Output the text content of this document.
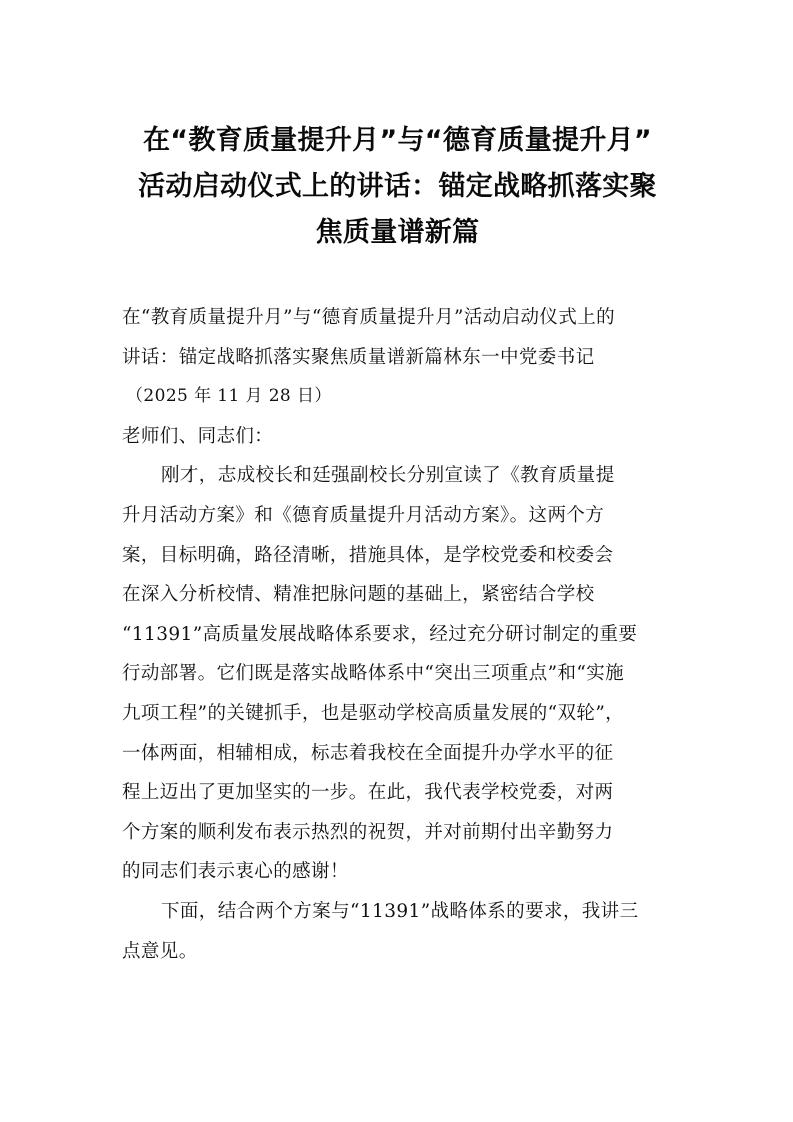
在“教育质量提升月”与“德育质量提升月”
活动启动仪式上的讲话：锚定战略抓落实聚
焦质量谱新篇
在“教育质量提升月”与“德育质量提升月”活动启动仪式上的
讲话：锚定战略抓落实聚焦质量谱新篇林东一中党委书记
（2025 年 11 月 28 日）
老师们、同志们：
刚才，志成校长和廷强副校长分别宣读了《教育质量提
升月活动方案》和《德育质量提升月活动方案》。这两个方
案，目标明确，路径清晰，措施具体，是学校党委和校委会
在深入分析校情、精准把脉问题的基础上，紧密结合学校
“11391”高质量发展战略体系要求，经过充分研讨制定的重要
行动部署。它们既是落实战略体系中“突出三项重点”和“实施
九项工程”的关键抓手，也是驱动学校高质量发展的“双轮”，
一体两面，相辅相成，标志着我校在全面提升办学水平的征
程上迈出了更加坚实的一步。在此，我代表学校党委，对两
个方案的顺利发布表示热烈的祝贺，并对前期付出辛勤努力
的同志们表示衷心的感谢！
下面，结合两个方案与“11391”战略体系的要求，我讲三
点意见。
